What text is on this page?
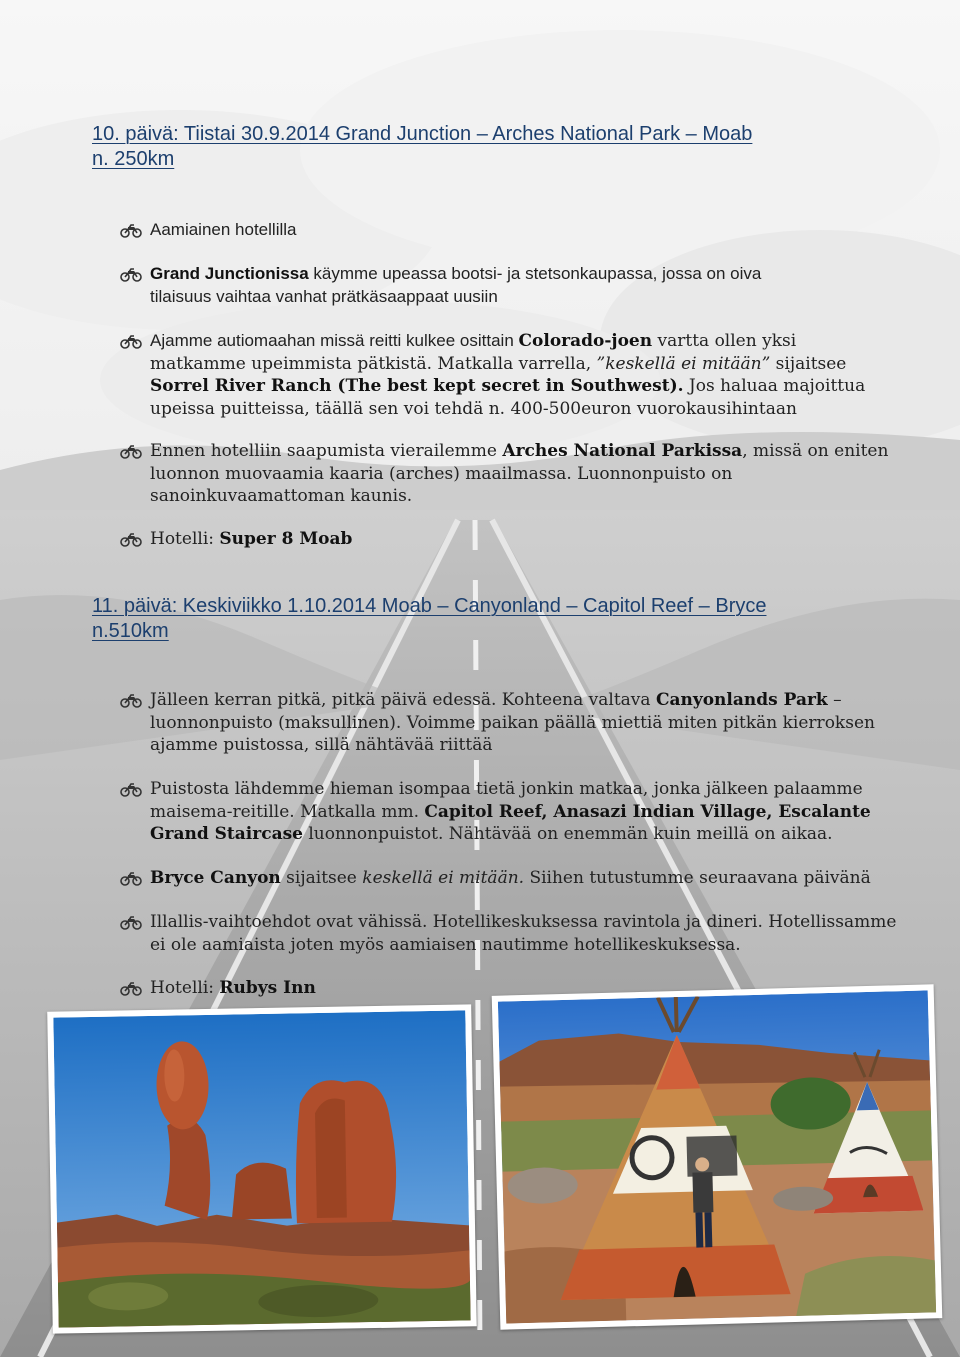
10. päivä: Tiistai 30.9.2014 Grand Junction – Arches National Park – Moab
n. 250km
Aamiainen hotellilla
Grand Junctionissa käymme upeassa bootsi- ja stetsonkaupassa, jossa on oiva
tilaisuus vaihtaa vanhat prätkäsaappaat uusiin
Ajamme autiomaahan missä reitti kulkee osittain Colorado-joen vartta ollen yksi
matkamme upeimmista pätkistä. Matkalla varrella, ”keskellä ei mitään” sijaitsee
Sorrel River Ranch (The best kept secret in Southwest). Jos haluaa majoittua
upeissa puitteissa, täällä sen voi tehdä n. 400-500euron vuorokausihintaan
Ennen hotelliin saapumista vierailemme Arches National Parkissa, missä on eniten
luonnon muovaamia kaaria (arches) maailmassa. Luonnonpuisto on
sanoinkuvaamattoman kaunis.
Hotelli: Super 8 Moab
11. päivä: Keskiviikko 1.10.2014 Moab – Canyonland – Capitol Reef – Bryce
n.510km
Jälleen kerran pitkä, pitkä päivä edessä. Kohteena valtava Canyonlands Park –
luonnonpuisto (maksullinen). Voimme paikan päällä miettiä miten pitkän kierroksen
ajamme puistossa, sillä nähtävää riittää
Puistosta lähdemme hieman isompaa tietä jonkin matkaa, jonka jälkeen palaamme
maisema-reitille. Matkalla mm. Capitol Reef, Anasazi Indian Village, Escalante
Grand Staircase luonnonpuistot. Nähtävää on enemmän kuin meillä on aikaa.
Bryce Canyon sijaitsee keskellä ei mitään. Siihen tutustumme seuraavana päivänä
Illallis-vaihtoehdot ovat vähissä. Hotellikeskuksessa ravintola ja dineri. Hotellissamme
ei ole aamiaista joten myös aamiaisen nautimme hotellikeskuksessa.
Hotelli: Rubys Inn
